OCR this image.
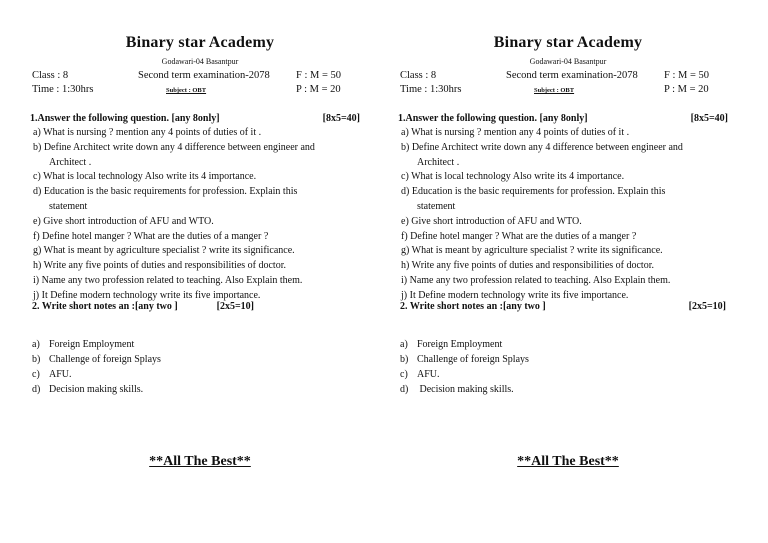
Binary star Academy
Godawari-04 Basantpur
Class : 8	Second term examination-2078 F : M = 50
Time : 1:30hrs	Subject : OBT	P : M = 20
1.Answer the following question. [any 8only]	[8x5=40]
a) What is nursing ? mention any 4 points of duties of it .
b) Define Architect write down any 4 difference between engineer and
Architect .
c) What is local technology Also write its 4 importance.
d) Education is the basic requirements for profession. Explain this
statement
e) Give short introduction of AFU and WTO.
f) Define hotel manger ? What are the duties of a manger ?
g) What is meant by agriculture specialist ? write its significance.
h) Write any five points of duties and responsibilities of doctor.
i) Name any two profession related to teaching. Also Explain them.
j) It Define modern technology write its five importance.
2. Write short notes an :[any two ]	[2x5=10]
a) Foreign Employment
b) Challenge of foreign Splays
c) AFU.
d) Decision making skills.
**All The Best**
Binary star Academy
Godawari-04 Basantpur
Class : 8	Second term examination-2078 F : M = 50
Time : 1:30hrs	Subject : OBT	P : M = 20
1.Answer the following question. [any 8only]	[8x5=40]
a) What is nursing ? mention any 4 points of duties of it .
b) Define Architect write down any 4 difference between engineer and
Architect .
c) What is local technology Also write its 4 importance.
d) Education is the basic requirements for profession. Explain this
statement
e) Give short introduction of AFU and WTO.
f) Define hotel manger ? What are the duties of a manger ?
g) What is meant by agriculture specialist ? write its significance.
h) Write any five points of duties and responsibilities of doctor.
i) Name any two profession related to teaching. Also Explain them.
j) It Define modern technology write its five importance.
2. Write short notes an :[any two ]	[2x5=10]
a) Foreign Employment
b) Challenge of foreign Splays
c) AFU.
d) Decision making skills.
**All The Best**
